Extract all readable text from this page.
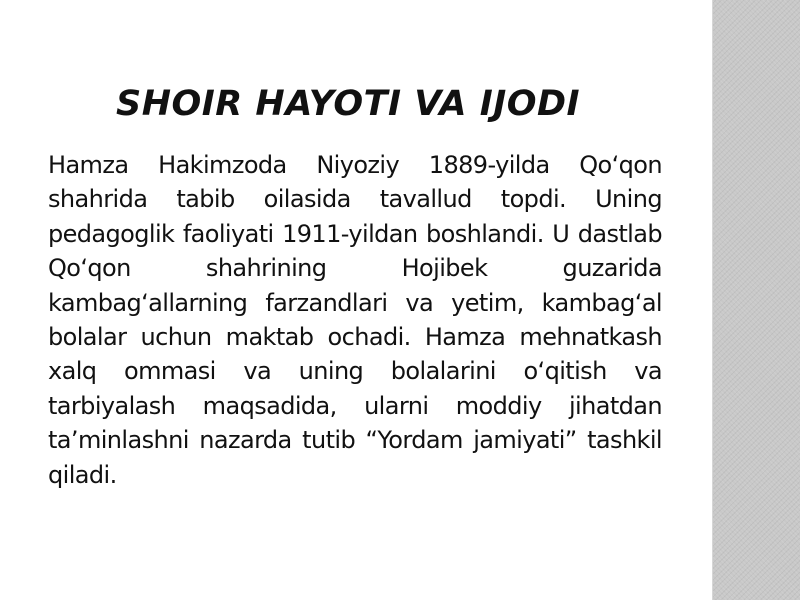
SHOIR HAYOTI VA IJODI

Hamza Hakimzoda Niyoziy 1889-yilda Qo‘qon shahrida tabib oilasida tavallud topdi. Uning pedagoglik faoliyati 1911-yildan boshlandi. U dastlab Qo‘qon shahrining Hojibek guzarida kambag‘allarning farzandlari va yetim, kambag‘al bolalar uchun maktab ochadi. Hamza mehnatkash xalq ommasi va uning bolalarini o‘qitish va tarbiyalash maqsadida, ularni moddiy jihatdan ta’minlashni nazarda tutib “Yordam jamiyati” tashkil qiladi.
